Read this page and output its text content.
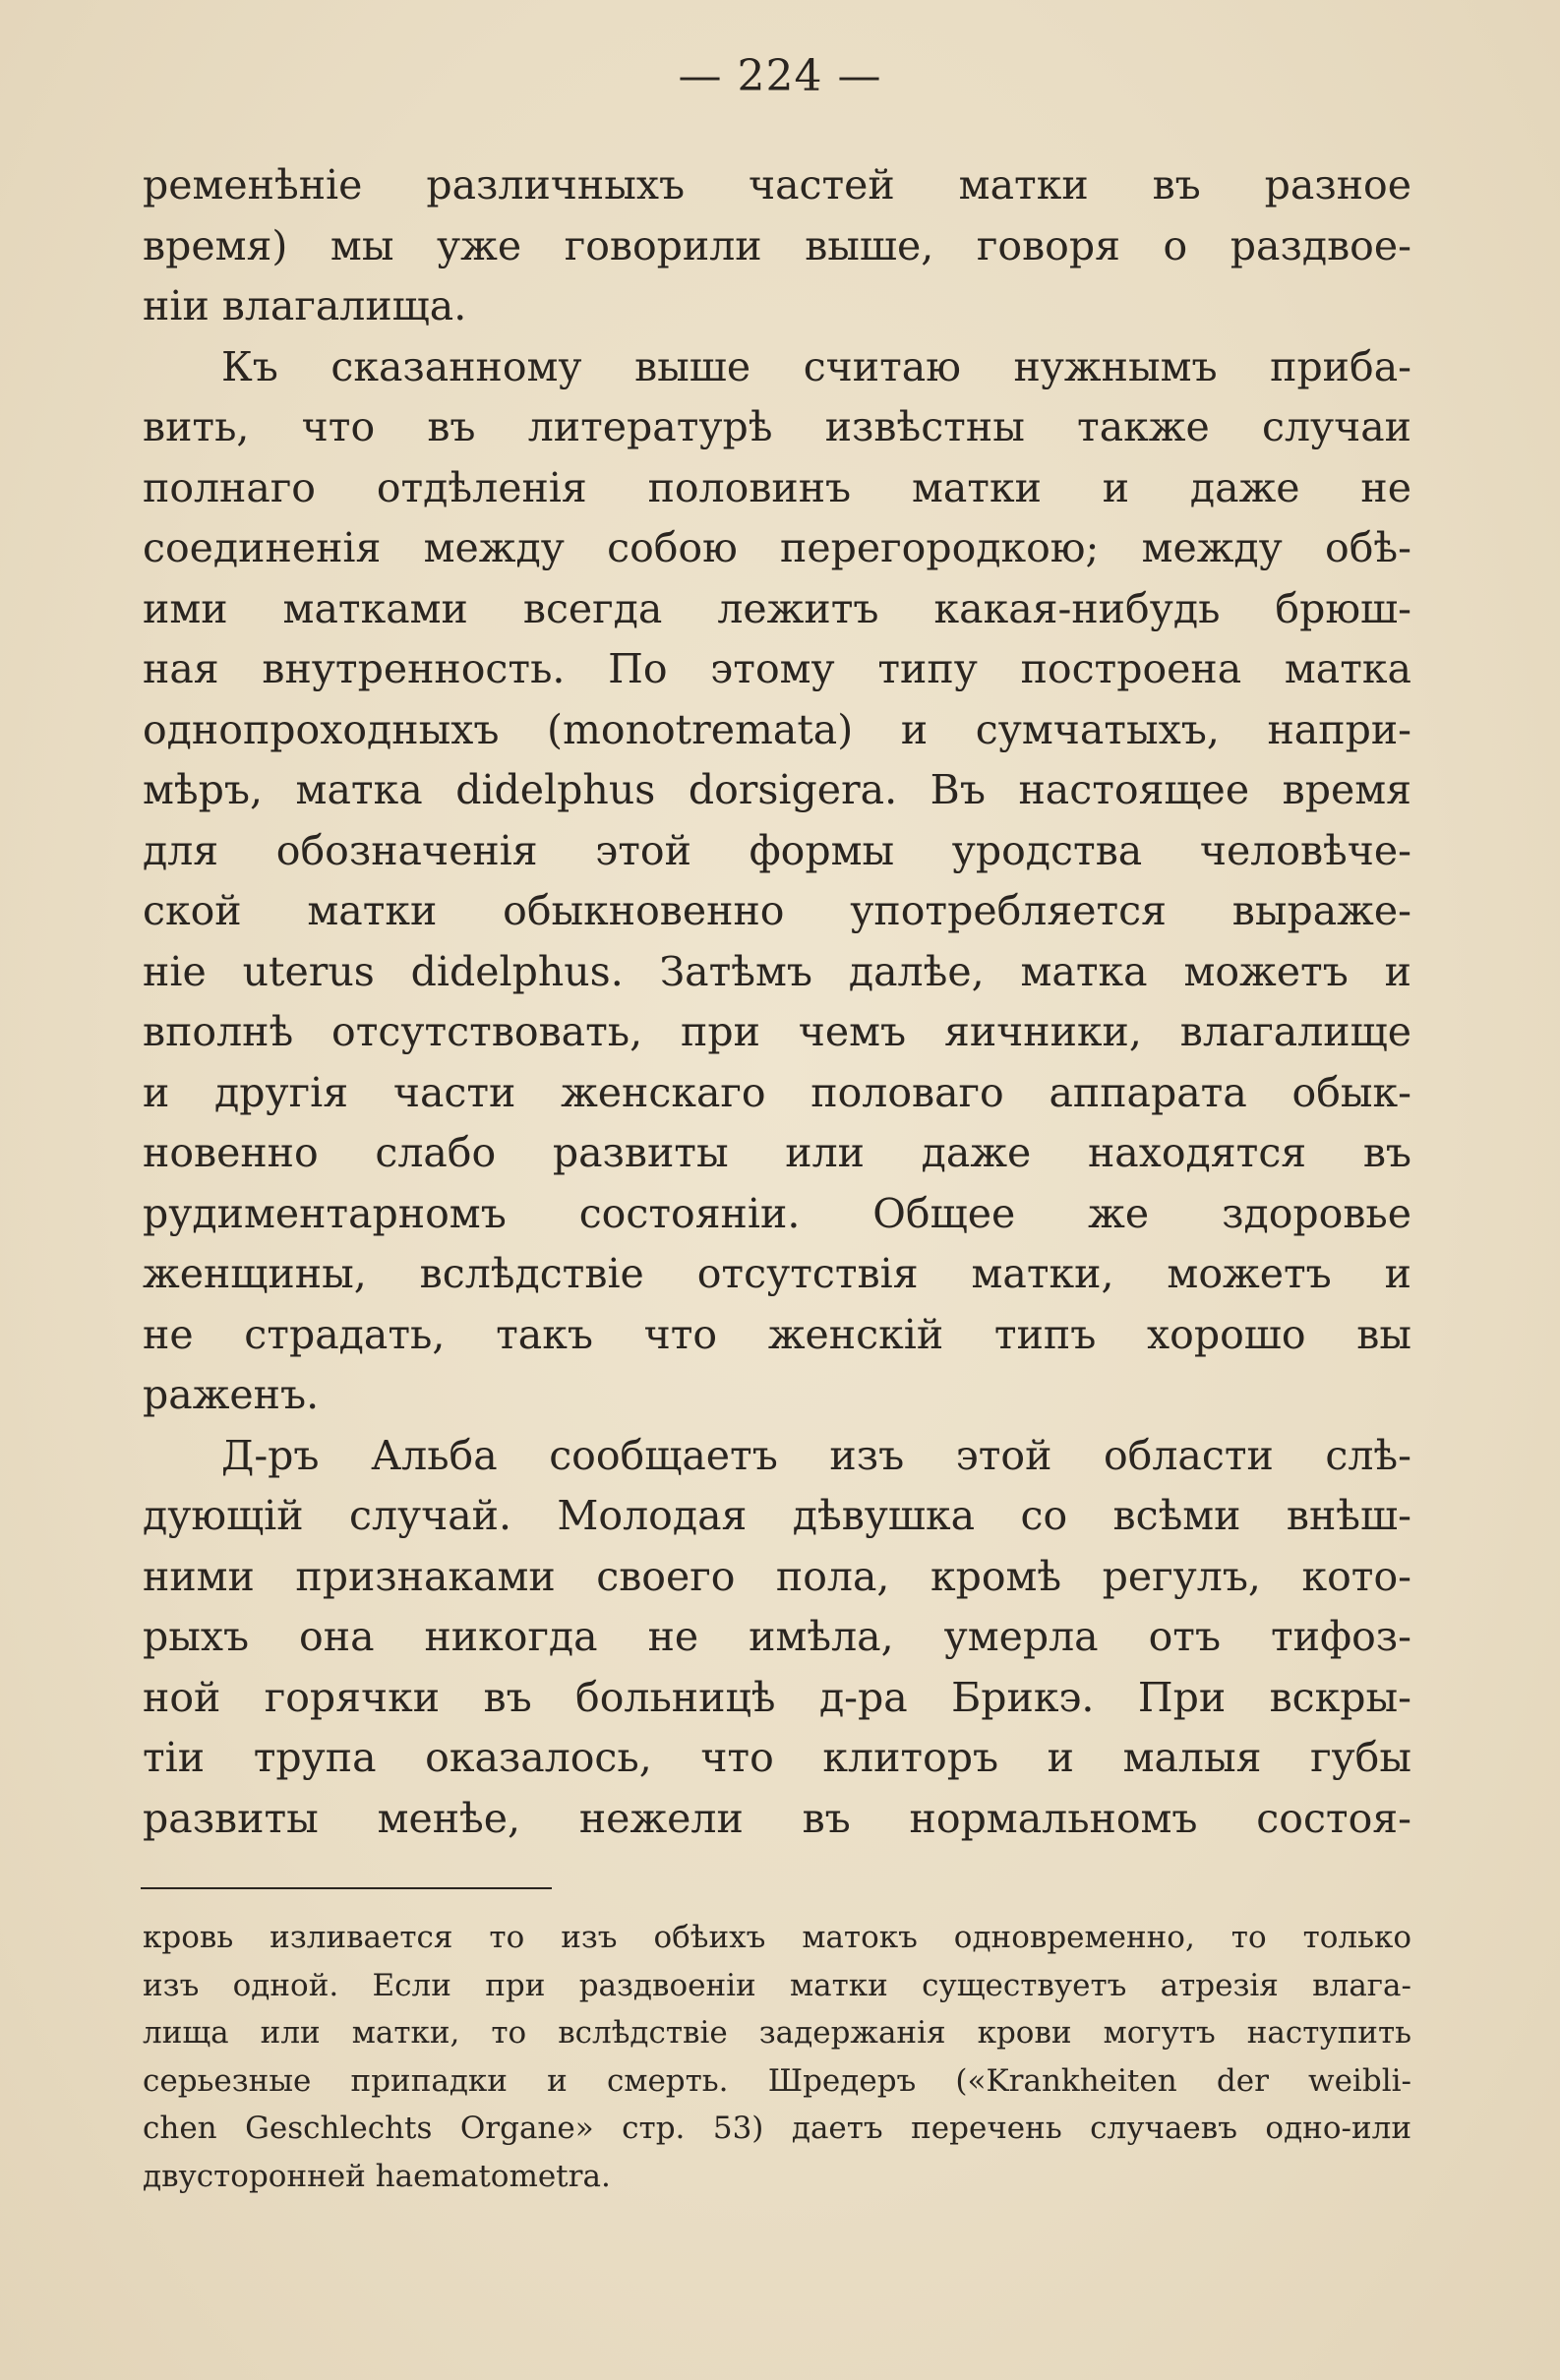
— 224 —
ременѣніе различныхъ частей матки въ разное
время) мы уже говорили выше, говоря о раздвое-
ніи влагалища.
Къ сказанному выше считаю нужнымъ приба-
вить, что въ литературѣ извѣстны также случаи
полнаго отдѣленія половинъ матки и даже не
соединенія между собою перегородкою; между обѣ-
ими матками всегда лежитъ какая-нибудь брюш-
ная внутренность. По этому типу построена матка
однопроходныхъ (monotremata) и сумчатыхъ, напри-
мѣръ, матка didelphus dorsigera. Въ настоящее время
для обозначенія этой формы уродства человѣче-
ской матки обыкновенно употребляется выраже-
ніе uterus didelphus. Затѣмъ далѣе, матка можетъ и
вполнѣ отсутствовать, при чемъ яичники, влагалище
и другія части женскаго половаго аппарата обык-
новенно слабо развиты или даже находятся въ
рудиментарномъ состояніи. Общее же здоровье
женщины, вслѣдствіе отсутствія матки, можетъ и
не страдать, такъ что женскій типъ хорошо вы
раженъ.
Д-ръ Альба сообщаетъ изъ этой области слѣ-
дующій случай. Молодая дѣвушка со всѣми внѣш-
ними признаками своего пола, кромѣ регулъ, кото-
рыхъ она никогда не имѣла, умерла отъ тифоз-
ной горячки въ больницѣ д-ра Брикэ. При вскры-
тіи трупа оказалось, что клиторъ и малыя губы
развиты менѣе, нежели въ нормальномъ состоя-
кровь изливается то изъ обѣихъ матокъ одновременно, то только
изъ одной. Если при раздвоеніи матки существуетъ атрезія влага-
лища или матки, то вслѣдствіе задержанія крови могутъ наступить
серьезные припадки и смерть. Шредеръ («Krankheiten der weibli-
chen Geschlechts Organe» стр. 53) даетъ перечень случаевъ одно-или
двусторонней haematometra.
